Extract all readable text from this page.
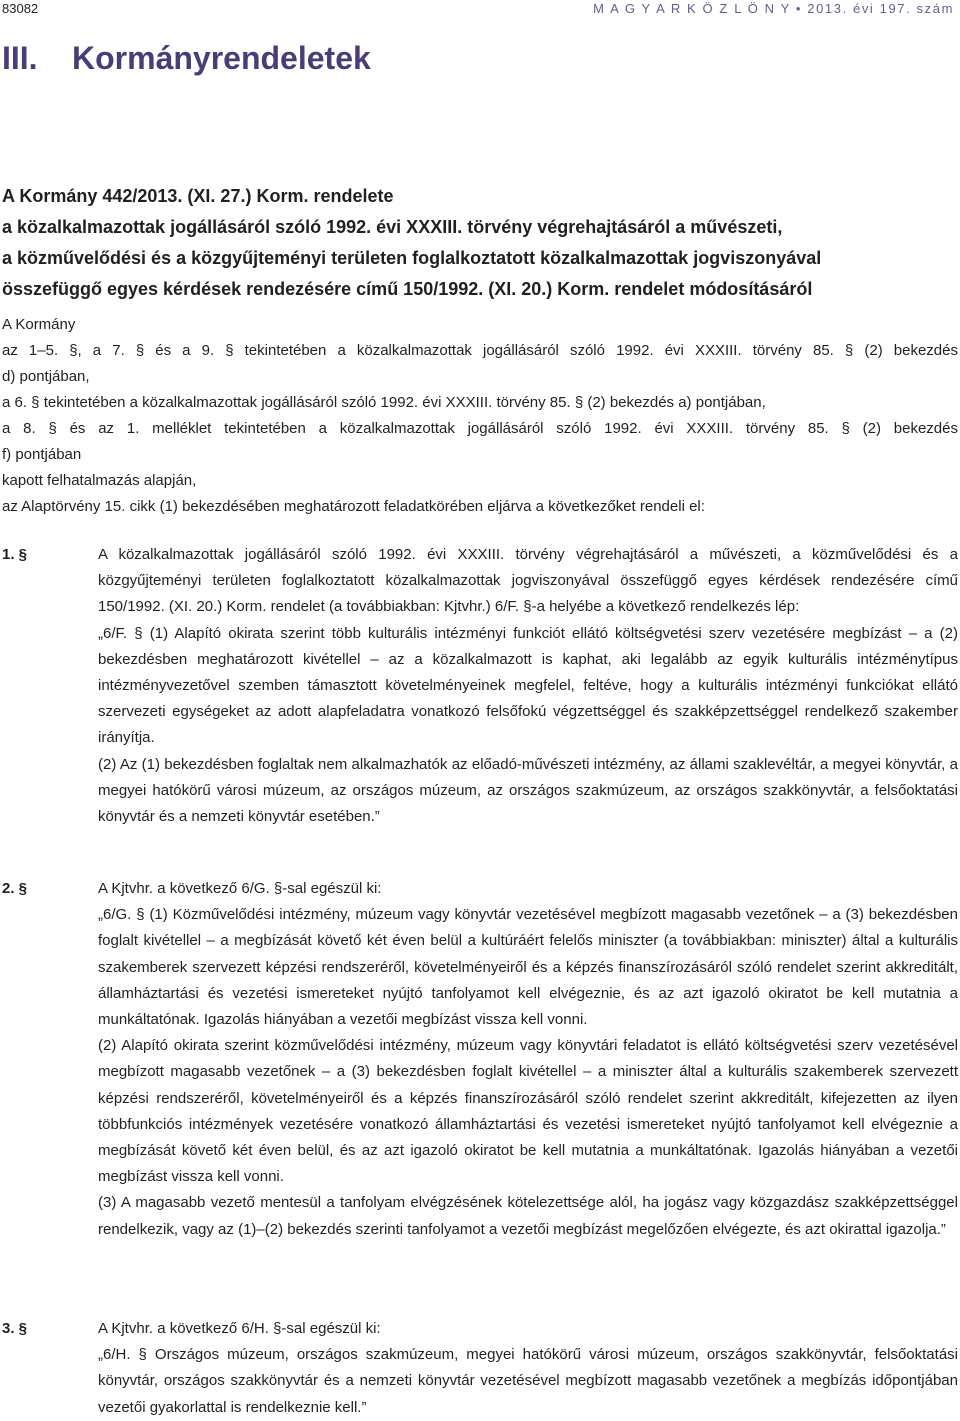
83082	M A G Y A R K Ö Z L Ö N Y • 2013. évi 197. szám
III. Kormányrendeletek

A Kormány 442/2013. (XI. 27.) Korm. rendelete

a közalkalmazottak jogállásáról szóló 1992. évi XXXIII. törvény végrehajtásáról a művészeti,

a közművelődési és a közgyűjteményi területen foglalkoztatott közalkalmazottak jogviszonyával

összefüggő egyes kérdések rendezésére című 150/1992. (XI. 20.) Korm. rendelet módosításáról

A Kormány

az 1–5. §, a 7. § és a 9. § tekintetében a közalkalmazottak jogállásáról szóló 1992. évi XXXIII. törvény 85. § (2) bekezdés

d) pontjában,

a 6. § tekintetében a közalkalmazottak jogállásáról szóló 1992. évi XXXIII. törvény 85. § (2) bekezdés a) pontjában,

a 8. § és az 1. melléklet tekintetében a közalkalmazottak jogállásáról szóló 1992. évi XXXIII. törvény 85. § (2) bekezdés

f) pontjában

kapott felhatalmazás alapján,

az Alaptörvény 15. cikk (1) bekezdésében meghatározott feladatkörében eljárva a következőket rendeli el:

1. §	A közalkalmazottak jogállásáról szóló 1992. évi XXXIII. törvény végrehajtásáról a művészeti, a közművelődési és a közgyűjteményi területen foglalkoztatott közalkalmazottak jogviszonyával összefüggő egyes kérdések rendezésére című 150/1992. (XI. 20.) Korm. rendelet (a továbbiakban: Kjtvhr.) 6/F. §-a helyébe a következő rendelkezés lép:

„6/F. § (1) Alapító okirata szerint több kulturális intézményi funkciót ellátó költségvetési szerv vezetésére megbízást – a (2) bekezdésben meghatározott kivétellel – az a közalkalmazott is kaphat, aki legalább az egyik kulturális intézménytípus intézményvezetővel szemben támasztott követelményeinek megfelel, feltéve, hogy a kulturális intézményi funkciókat ellátó szervezeti egységeket az adott alapfeladatra vonatkozó felsőfokú végzettséggel és szakképzettséggel rendelkező szakember irányítja.

(2) Az (1) bekezdésben foglaltak nem alkalmazhatók az előadó-művészeti intézmény, az állami szaklevéltár, a megyei könyvtár, a megyei hatókörű városi múzeum, az országos múzeum, az országos szakmúzeum, az országos szakkönyvtár, a felsőoktatási könyvtár és a nemzeti könyvtár esetében.”

2. §	A Kjtvhr. a következő 6/G. §-sal egészül ki:

„6/G. § (1) Közművelődési intézmény, múzeum vagy könyvtár vezetésével megbízott magasabb vezetőnek – a (3) bekezdésben foglalt kivétellel – a megbízását követő két éven belül a kultúráért felelős miniszter (a továbbiakban: miniszter) által a kulturális szakemberek szervezett képzési rendszeréről, követelményeiről és a képzés finanszírozásáról szóló rendelet szerint akkreditált, államháztartási és vezetési ismereteket nyújtó tanfolyamot kell elvégeznie, és az azt igazoló okiratot be kell mutatnia a munkáltatónak. Igazolás hiányában a vezetői megbízást vissza kell vonni.

(2) Alapító okirata szerint közművelődési intézmény, múzeum vagy könyvtári feladatot is ellátó költségvetési szerv vezetésével megbízott magasabb vezetőnek – a (3) bekezdésben foglalt kivétellel – a miniszter által a kulturális szakemberek szervezett képzési rendszeréről, követelményeiről és a képzés finanszírozásáról szóló rendelet szerint akkreditált, kifejezetten az ilyen többfunkciós intézmények vezetésére vonatkozó államháztartási és vezetési ismereteket nyújtó tanfolyamot kell elvégeznie a megbízását követő két éven belül, és az azt igazoló okiratot be kell mutatnia a munkáltatónak. Igazolás hiányában a vezetői megbízást vissza kell vonni.

(3) A magasabb vezető mentesül a tanfolyam elvégzésének kötelezettsége alól, ha jogász vagy közgazdász szakképzettséggel rendelkezik, vagy az (1)–(2) bekezdés szerinti tanfolyamot a vezetői megbízást megelőzően elvégezte, és azt okirattal igazolja.”

3. §	A Kjtvhr. a következő 6/H. §-sal egészül ki:

„6/H. § Országos múzeum, országos szakmúzeum, megyei hatókörű városi múzeum, országos szakkönyvtár, felsőoktatási könyvtár, országos szakkönyvtár és a nemzeti könyvtár vezetésével megbízott magasabb vezetőnek a megbízás időpontjában vezetői gyakorlattal is rendelkeznie kell.”
